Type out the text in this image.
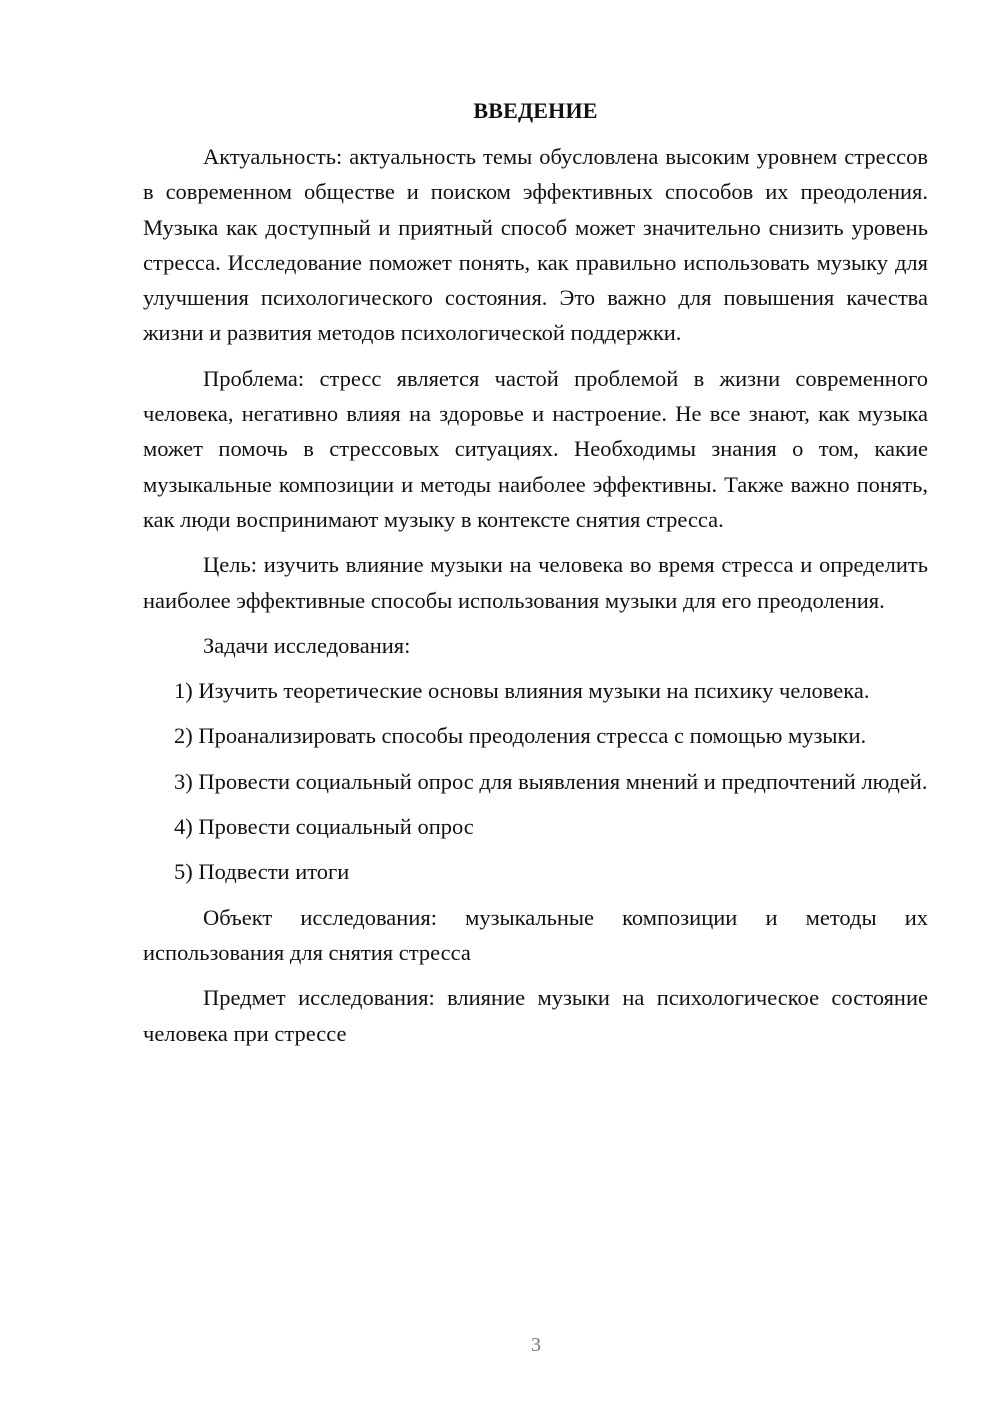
ВВЕДЕНИЕ

Актуальность: актуальность темы обусловлена высоким уровнем стрессов в современном обществе и поиском эффективных способов их преодоления. Музыка как доступный и приятный способ может значительно снизить уровень стресса. Исследование поможет понять, как правильно использовать музыку для улучшения психологического состояния. Это важно для повышения качества жизни и развития методов психологической поддержки.

Проблема: стресс является частой проблемой в жизни современного человека, негативно влияя на здоровье и настроение. Не все знают, как музыка может помочь в стрессовых ситуациях. Необходимы знания о том, какие музыкальные композиции и методы наиболее эффективны. Также важно понять, как люди воспринимают музыку в контексте снятия стресса.

Цель: изучить влияние музыки на человека во время стресса и определить наиболее эффективные способы использования музыки для его преодоления.

Задачи исследования:

1) Изучить теоретические основы влияния музыки на психику человека.

2) Проанализировать способы преодоления стресса с помощью музыки.

3) Провести социальный опрос для выявления мнений и предпочтений людей.

4) Провести социальный опрос

5) Подвести итоги

Объект исследования: музыкальные композиции и методы их использования для снятия стресса

Предмет исследования: влияние музыки на психологическое состояние человека при стрессе

3
